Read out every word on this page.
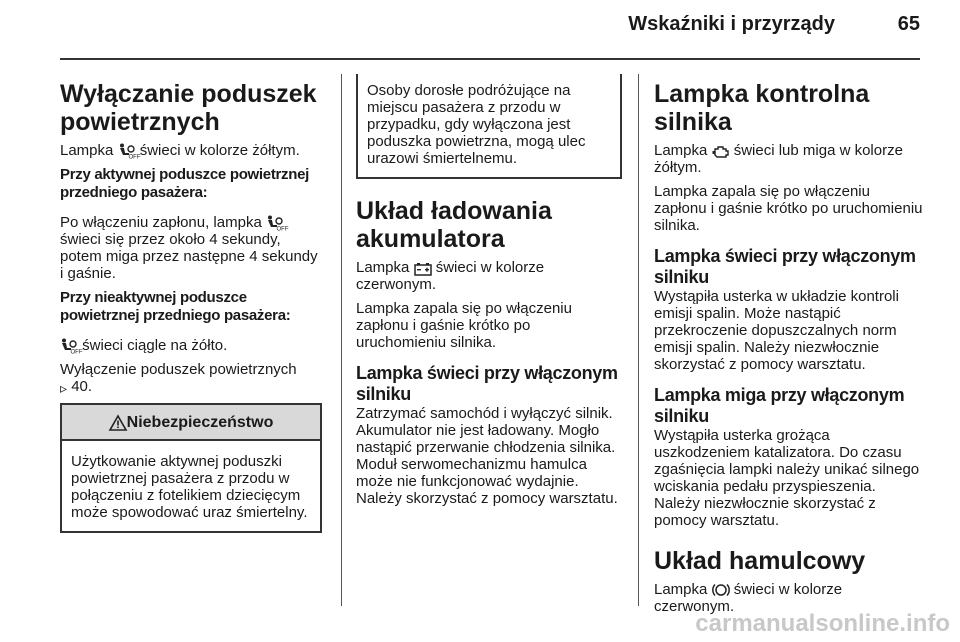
Wskaźniki i przyrządy	65
Wyłączanie poduszek powietrznych

Lampka OFF świeci w kolorze żółtym.

Przy aktywnej poduszce powietrznej przedniego pasażera:

Po włączeniu zapłonu, lampka OFF
świeci się przez około 4 sekundy, potem miga przez następne 4 sekundy i gaśnie.

Przy nieaktywnej poduszce powietrznej przedniego pasażera:

OFF świeci ciągle na żółto.

Wyłączenie poduszek powietrznych
▹ 40.

Niebezpieczeństwo

Użytkowanie aktywnej poduszki powietrznej pasażera z przodu w połączeniu z fotelikiem dziecięcym może spowodować uraz śmiertelny.

Osoby dorosłe podróżujące na miejscu pasażera z przodu w przypadku, gdy wyłączona jest poduszka powietrzna, mogą ulec urazowi śmiertelnemu.

Układ ładowania akumulatora

Lampka świeci w kolorze czerwonym.

Lampka zapala się po włączeniu zapłonu i gaśnie krótko po uruchomieniu silnika.

Lampka świeci przy włączonym silniku

Zatrzymać samochód i wyłączyć silnik. Akumulator nie jest ładowany. Mogło nastąpić przerwanie chłodzenia silnika. Moduł serwomechanizmu hamulca może nie funkcjonować wydajnie. Należy skorzystać z pomocy warsztatu.

Lampka kontrolna silnika

Lampka świeci lub miga w kolorze żółtym.

Lampka zapala się po włączeniu zapłonu i gaśnie krótko po uruchomieniu silnika.

Lampka świeci przy włączonym silniku

Wystąpiła usterka w układzie kontroli emisji spalin. Może nastąpić przekroczenie dopuszczalnych norm emisji spalin. Należy niezwłocznie skorzystać z pomocy warsztatu.

Lampka miga przy włączonym silniku

Wystąpiła usterka grożąca uszkodzeniem katalizatora. Do czasu zgaśnięcia lampki należy unikać silnego wciskania pedału przyspieszenia. Należy niezwłocznie skorzystać z pomocy warsztatu.

Układ hamulcowy

Lampka świeci w kolorze czerwonym.

carmanualsonline.info
